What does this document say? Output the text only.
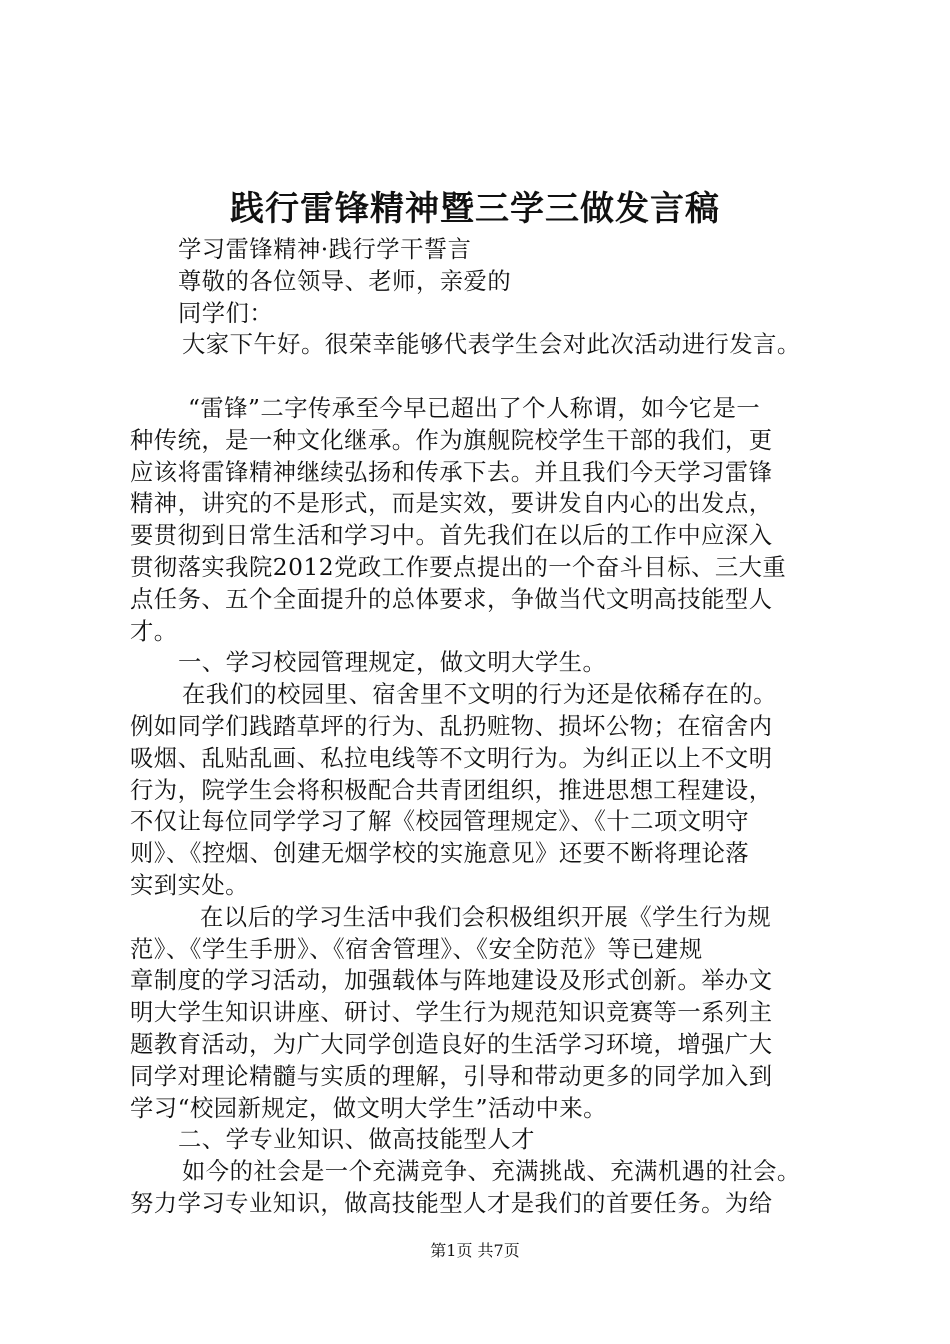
践行雷锋精神暨三学三做发言稿
学习雷锋精神·践行学干誓言
尊敬的各位领导、老师，亲爱的
同学们：
大家下午好。很荣幸能够代表学生会对此次活动进行发言。
“雷锋”二字传承至今早已超出了个人称谓，如今它是一
种传统，是一种文化继承。作为旗舰院校学生干部的我们，更
应该将雷锋精神继续弘扬和传承下去。并且我们今天学习雷锋
精神，讲究的不是形式，而是实效，要讲发自内心的出发点，
要贯彻到日常生活和学习中。首先我们在以后的工作中应深入
贯彻落实我院2012党政工作要点提出的一个奋斗目标、三大重
点任务、五个全面提升的总体要求，争做当代文明高技能型人
才。
一、学习校园管理规定，做文明大学生。
在我们的校园里、宿舍里不文明的行为还是依稀存在的。
例如同学们践踏草坪的行为、乱扔赃物、损坏公物；在宿舍内
吸烟、乱贴乱画、私拉电线等不文明行为。为纠正以上不文明
行为，院学生会将积极配合共青团组织，推进思想工程建设，
不仅让每位同学学习了解《校园管理规定》、《十二项文明守
则》、《控烟、创建无烟学校的实施意见》还要不断将理论落
实到实处。
在以后的学习生活中我们会积极组织开展《学生行为规
范》、《学生手册》、《宿舍管理》、《安全防范》等已建规
章制度的学习活动，加强载体与阵地建设及形式创新。举办文
明大学生知识讲座、研讨、学生行为规范知识竞赛等一系列主
题教育活动，为广大同学创造良好的生活学习环境，增强广大
同学对理论精髓与实质的理解，引导和带动更多的同学加入到
学习“校园新规定，做文明大学生”活动中来。
二、学专业知识、做高技能型人才
如今的社会是一个充满竞争、充满挑战、充满机遇的社会。
努力学习专业知识，做高技能型人才是我们的首要任务。为给
第1页 共7页
